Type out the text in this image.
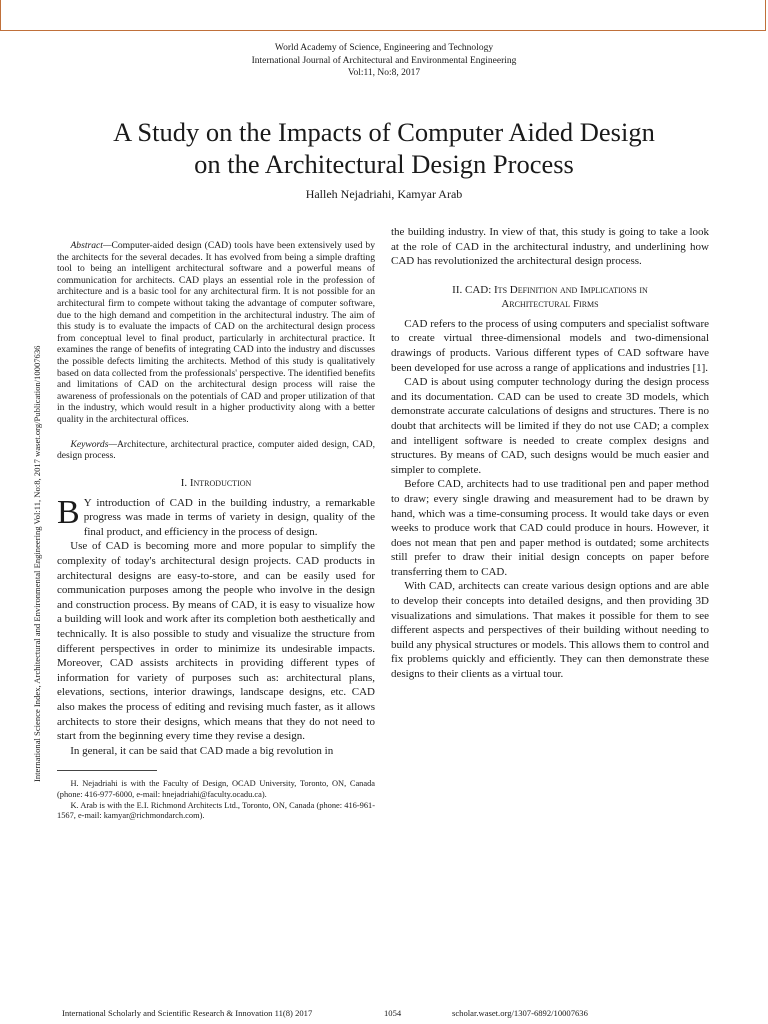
World Academy of Science, Engineering and Technology
International Journal of Architectural and Environmental Engineering
Vol:11, No:8, 2017
A Study on the Impacts of Computer Aided Design
on the Architectural Design Process
Halleh Nejadriahi, Kamyar Arab
International Science Index, Architectural and Environmental Engineering Vol:11, No:8, 2017 waset.org/Publication/10007636

Abstract—Computer-aided design (CAD) tools have been extensively used by the architects for the several decades. It has evolved from being a simple drafting tool to being an intelligent architectural software and a powerful means of communication for architects. CAD plays an essential role in the profession of architecture and is a basic tool for any architectural firm. It is not possible for an architectural firm to compete without taking the advantage of computer software, due to the high demand and competition in the architectural industry. The aim of this study is to evaluate the impacts of CAD on the architectural design process from conceptual level to final product, particularly in architectural practice. It examines the range of benefits of integrating CAD into the industry and discusses the possible defects limiting the architects. Method of this study is qualitatively based on data collected from the professionals' perspective. The identified benefits and limitations of CAD on the architectural design process will raise the awareness of professionals on the potentials of CAD and proper utilization of that in the industry, which would result in a higher productivity along with a better quality in the architectural offices.

Keywords—Architecture, architectural practice, computer aided design, CAD, design process.

I. Introduction

B Y introduction of CAD in the building industry, a remarkable progress was made in terms of variety in design, quality of the final product, and efficiency in the process of design.

Use of CAD is becoming more and more popular to simplify the complexity of today's architectural design projects. CAD products in architectural designs are easy-to-store, and can be easily used for communication purposes among the people who involve in the design and construction process. By means of CAD, it is easy to visualize how a building will look and work after its completion both aesthetically and technically. It is also possible to study and visualize the structure from different perspectives in order to minimize its undesirable impacts. Moreover, CAD assists architects in providing different types of information for variety of purposes such as: architectural plans, elevations, sections, interior drawings, landscape designs, etc. CAD also makes the process of editing and revising much faster, as it allows architects to store their designs, which means that they do not need to start from the beginning every time they revise a design.

In general, it can be said that CAD made a big revolution in

H. Nejadriahi is with the Faculty of Design, OCAD University, Toronto, ON, Canada (phone: 416-977-6000, e-mail: hnejadriahi@faculty.ocadu.ca).

K. Arab is with the E.I. Richmond Architects Ltd., Toronto, ON, Canada (phone: 416-961-1567, e-mail: kamyar@richmondarch.com).

the building industry. In view of that, this study is going to take a look at the role of CAD in the architectural industry, and underlining how CAD has revolutionized the architectural design process.

II. CAD: Its Definition and Implications in
Architectural Firms

CAD refers to the process of using computers and specialist software to create virtual three-dimensional models and two-dimensional drawings of products. Various different types of CAD software have been developed for use across a range of applications and industries [1].

CAD is about using computer technology during the design process and its documentation. CAD can be used to create 3D models, which demonstrate accurate calculations of designs and structures. There is no doubt that architects will be limited if they do not use CAD; a complex and intelligent software is needed to create complex designs and structures. By means of CAD, such designs would be much easier and simpler to complete.

Before CAD, architects had to use traditional pen and paper method to draw; every single drawing and measurement had to be drawn by hand, which was a time-consuming process. It would take days or even weeks to produce work that CAD could produce in hours. However, it does not mean that pen and paper method is outdated; some architects still prefer to draw their initial design concepts on paper before transferring them to CAD.

With CAD, architects can create various design options and are able to develop their concepts into detailed designs, and then providing 3D visualizations and simulations. That makes it possible for them to see different aspects and perspectives of their building without needing to build any physical structures or models. This allows them to control and fix problems quickly and efficiently. They can then demonstrate these designs to their clients as a virtual tour.

International Scholarly and Scientific Research & Innovation 11(8) 2017	1054	scholar.waset.org/1307-6892/10007636
